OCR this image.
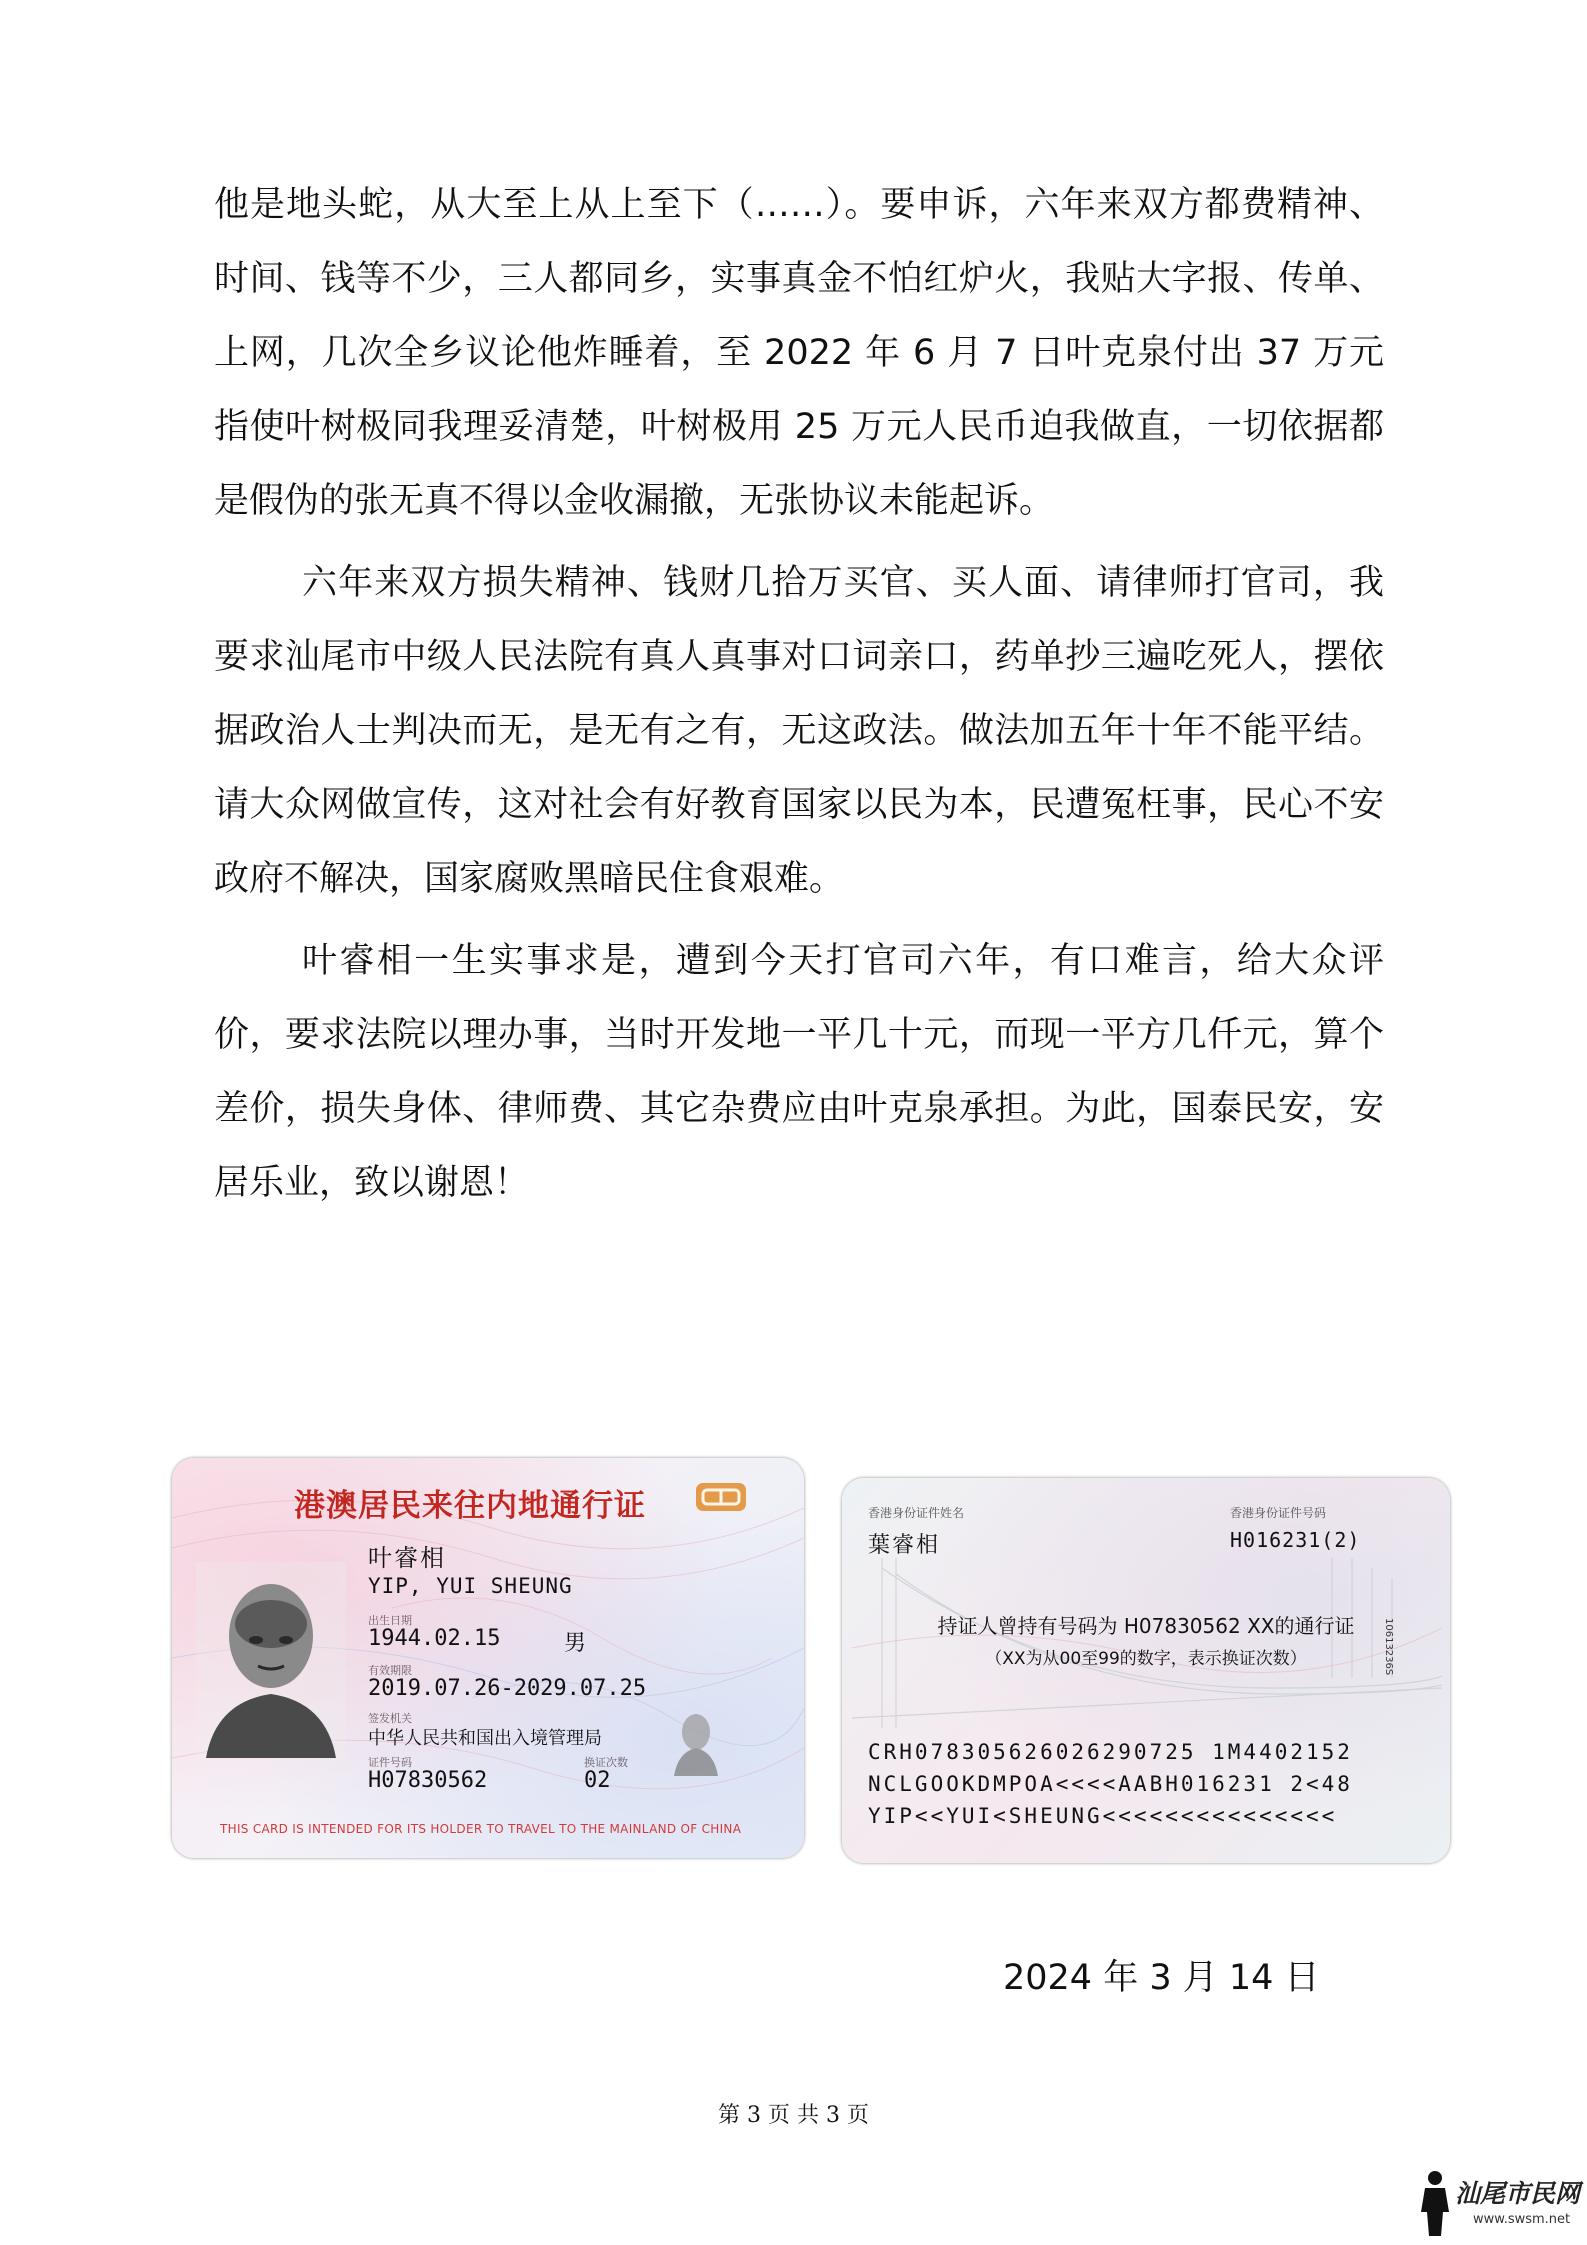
他是地头蛇，从大至上从上至下（……）。要申诉，六年来双方都费精神、时间、钱等不少，三人都同乡，实事真金不怕红炉火，我贴大字报、传单、上网，几次全乡议论他炸睡着，至 2022 年 6 月 7 日叶克泉付出 37 万元指使叶树极同我理妥清楚，叶树极用 25 万元人民币迫我做直，一切依据都是假伪的张无真不得以金收漏撤，无张协议未能起诉。

六年来双方损失精神、钱财几拾万买官、买人面、请律师打官司，我要求汕尾市中级人民法院有真人真事对口词亲口，药单抄三遍吃死人，摆依据政治人士判决而无，是无有之有，无这政法。做法加五年十年不能平结。请大众网做宣传，这对社会有好教育国家以民为本，民遭冤枉事，民心不安政府不解决，国家腐败黑暗民住食艰难。

叶睿相一生实事求是，遭到今天打官司六年，有口难言，给大众评价，要求法院以理办事，当时开发地一平几十元，而现一平方几仟元，算个差价，损失身体、律师费、其它杂费应由叶克泉承担。为此，国泰民安，安居乐业，致以谢恩！

港澳居民来往内地通行证
叶睿相
YIP, YUI SHEUNG
出生日期
1944.02.15	男
有效期限
2019.07.26-2029.07.25
签发机关
中华人民共和国出入境管理局
证件号码
H07830562
换证次数
02
THIS CARD IS INTENDED FOR ITS HOLDER TO TRAVEL TO THE MAINLAND OF CHINA
香港身份证件姓名
葉睿相
香港身份证件号码
H016231(2)
持证人曾持有号码为 H07830562 XX的通行证
（XX为从00至99的数字，表示换证次数）	10613236S
CRH078305626026290725 1M4402152
NCLGOOKDMPOA<<<<AABH016231 2<48
YIP<<YUI<SHEUNG<<<<<<<<<<<<<<<
2024 年 3 月 14 日
第 3 页 共 3 页
汕尾市民网
www.swsm.net
